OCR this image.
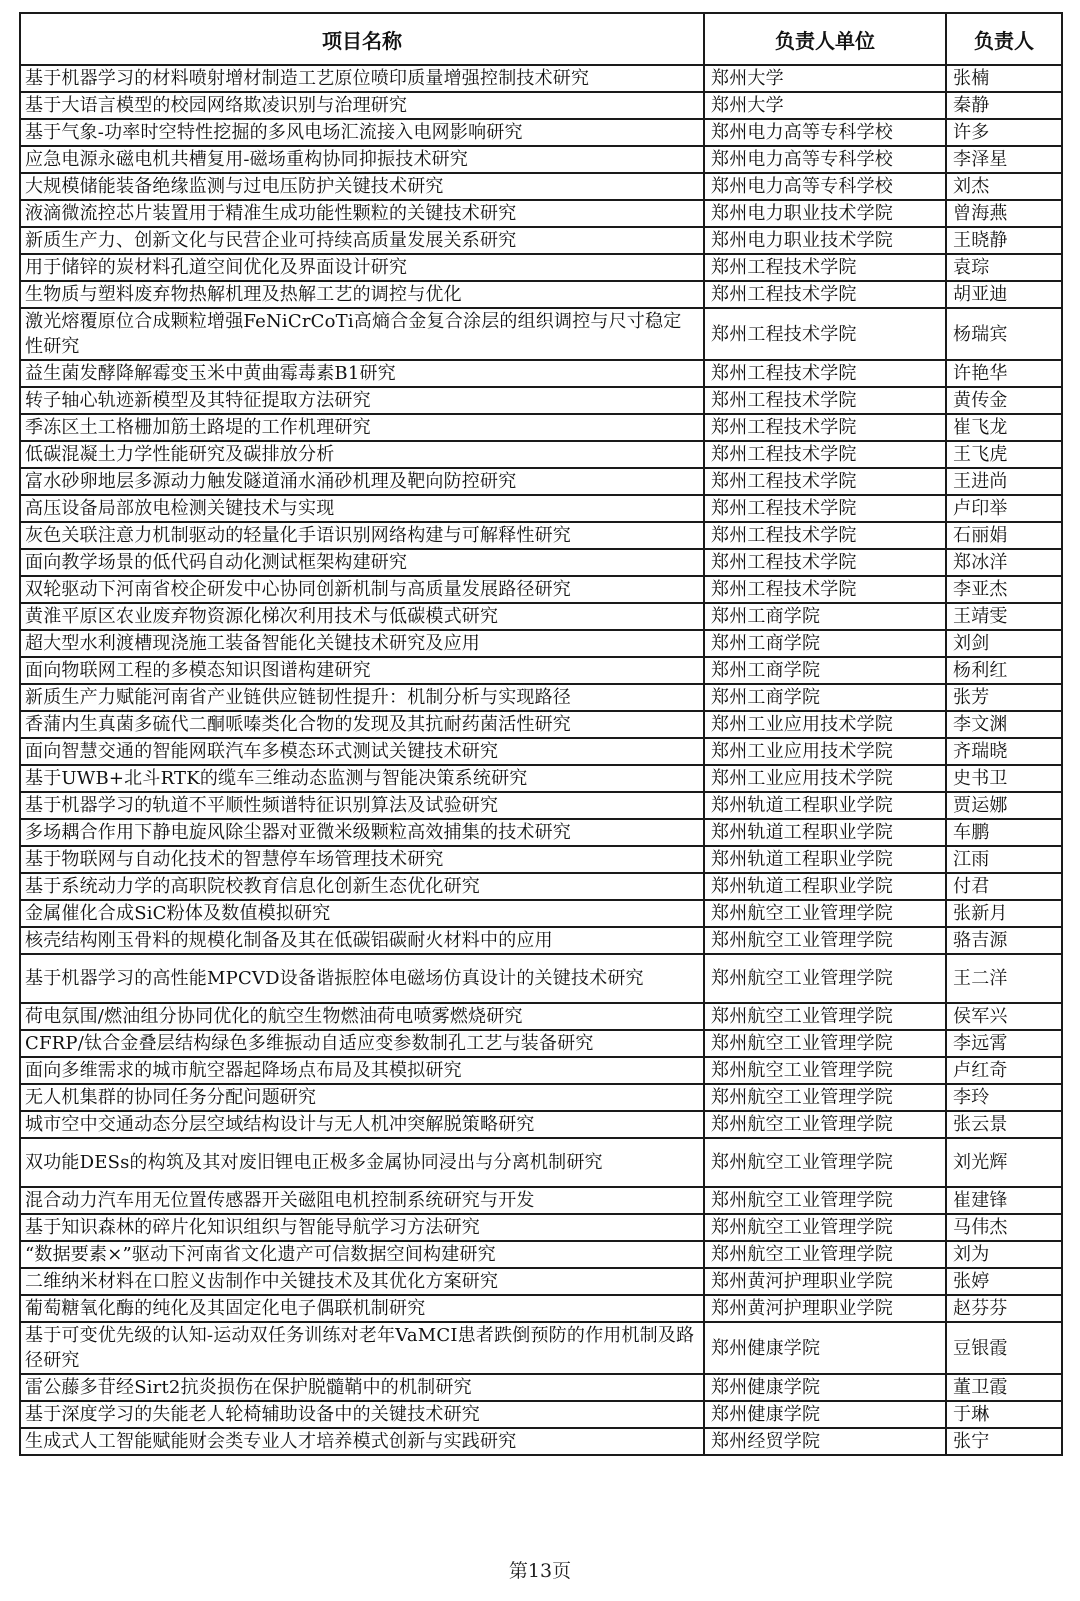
项目名称	负责人单位	负责人
基于机器学习的材料喷射增材制造工艺原位喷印质量增强控制技术研究	郑州大学	张楠
基于大语言模型的校园网络欺凌识别与治理研究	郑州大学	秦静
基于气象-功率时空特性挖掘的多风电场汇流接入电网影响研究	郑州电力高等专科学校	许多
应急电源永磁电机共槽复用-磁场重构协同抑振技术研究	郑州电力高等专科学校	李泽星
大规模储能装备绝缘监测与过电压防护关键技术研究	郑州电力高等专科学校	刘杰
液滴微流控芯片装置用于精准生成功能性颗粒的关键技术研究	郑州电力职业技术学院	曾海燕
新质生产力、创新文化与民营企业可持续高质量发展关系研究	郑州电力职业技术学院	王晓静
用于储锌的炭材料孔道空间优化及界面设计研究	郑州工程技术学院	袁琮
生物质与塑料废弃物热解机理及热解工艺的调控与优化	郑州工程技术学院	胡亚迪
激光熔覆原位合成颗粒增强FeNiCrCoTi高熵合金复合涂层的组织调控与尺寸稳定性研究	郑州工程技术学院	杨瑞宾
益生菌发酵降解霉变玉米中黄曲霉毒素B1研究	郑州工程技术学院	许艳华
转子轴心轨迹新模型及其特征提取方法研究	郑州工程技术学院	黄传金
季冻区土工格栅加筋土路堤的工作机理研究	郑州工程技术学院	崔飞龙
低碳混凝土力学性能研究及碳排放分析	郑州工程技术学院	王飞虎
富水砂卵地层多源动力触发隧道涌水涌砂机理及靶向防控研究	郑州工程技术学院	王进尚
高压设备局部放电检测关键技术与实现	郑州工程技术学院	卢印举
灰色关联注意力机制驱动的轻量化手语识别网络构建与可解释性研究	郑州工程技术学院	石丽娟
面向教学场景的低代码自动化测试框架构建研究	郑州工程技术学院	郑冰洋
双轮驱动下河南省校企研发中心协同创新机制与高质量发展路径研究	郑州工程技术学院	李亚杰
黄淮平原区农业废弃物资源化梯次利用技术与低碳模式研究	郑州工商学院	王靖雯
超大型水利渡槽现浇施工装备智能化关键技术研究及应用	郑州工商学院	刘剑
面向物联网工程的多模态知识图谱构建研究	郑州工商学院	杨利红
新质生产力赋能河南省产业链供应链韧性提升：机制分析与实现路径	郑州工商学院	张芳
香蒲内生真菌多硫代二酮哌嗪类化合物的发现及其抗耐药菌活性研究	郑州工业应用技术学院	李文渊
面向智慧交通的智能网联汽车多模态环式测试关键技术研究	郑州工业应用技术学院	齐瑞晓
基于UWB+北斗RTK的缆车三维动态监测与智能决策系统研究	郑州工业应用技术学院	史书卫
基于机器学习的轨道不平顺性频谱特征识别算法及试验研究	郑州轨道工程职业学院	贾运娜
多场耦合作用下静电旋风除尘器对亚微米级颗粒高效捕集的技术研究	郑州轨道工程职业学院	车鹏
基于物联网与自动化技术的智慧停车场管理技术研究	郑州轨道工程职业学院	江雨
基于系统动力学的高职院校教育信息化创新生态优化研究	郑州轨道工程职业学院	付君
金属催化合成SiC粉体及数值模拟研究	郑州航空工业管理学院	张新月
核壳结构刚玉骨料的规模化制备及其在低碳铝碳耐火材料中的应用	郑州航空工业管理学院	骆吉源
基于机器学习的高性能MPCVD设备谐振腔体电磁场仿真设计的关键技术研究	郑州航空工业管理学院	王二洋
荷电氛围/燃油组分协同优化的航空生物燃油荷电喷雾燃烧研究	郑州航空工业管理学院	侯军兴
CFRP/钛合金叠层结构绿色多维振动自适应变参数制孔工艺与装备研究	郑州航空工业管理学院	李远霄
面向多维需求的城市航空器起降场点布局及其模拟研究	郑州航空工业管理学院	卢红奇
无人机集群的协同任务分配问题研究	郑州航空工业管理学院	李玲
城市空中交通动态分层空域结构设计与无人机冲突解脱策略研究	郑州航空工业管理学院	张云景
双功能DESs的构筑及其对废旧锂电正极多金属协同浸出与分离机制研究	郑州航空工业管理学院	刘光辉
混合动力汽车用无位置传感器开关磁阻电机控制系统研究与开发	郑州航空工业管理学院	崔建锋
基于知识森林的碎片化知识组织与智能导航学习方法研究	郑州航空工业管理学院	马伟杰
“数据要素×”驱动下河南省文化遗产可信数据空间构建研究	郑州航空工业管理学院	刘为
二维纳米材料在口腔义齿制作中关键技术及其优化方案研究	郑州黄河护理职业学院	张婷
葡萄糖氧化酶的纯化及其固定化电子偶联机制研究	郑州黄河护理职业学院	赵芬芬
基于可变优先级的认知-运动双任务训练对老年VaMCI患者跌倒预防的作用机制及路径研究	郑州健康学院	豆银霞
雷公藤多苷经Sirt2抗炎损伤在保护脱髓鞘中的机制研究	郑州健康学院	董卫霞
基于深度学习的失能老人轮椅辅助设备中的关键技术研究	郑州健康学院	于琳
生成式人工智能赋能财会类专业人才培养模式创新与实践研究	郑州经贸学院	张宁
第13页
